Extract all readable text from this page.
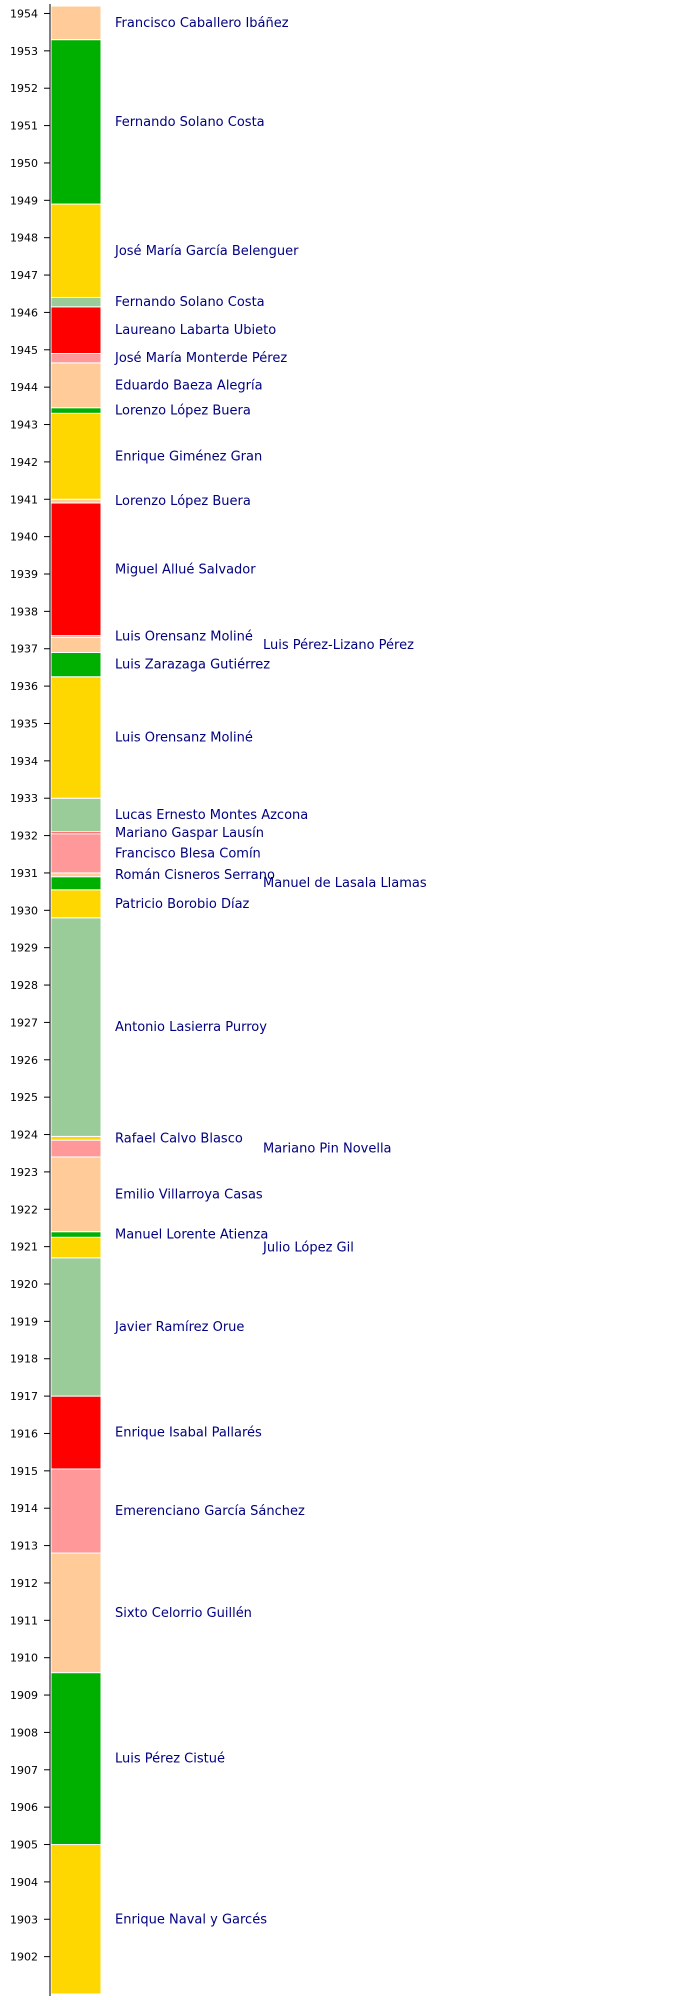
1902
1903
1904
1905
1906
1907
1908
1909
1910
1911
1912
1913
1914
1915
1916
1917
1918
1919
1920
1921
1922
1923
1924
1925
1926
1927
1928
1929
1930
1931
1932
1933
1934
1935
1936
1937
1938
1939
1940
1941
1942
1943
1944
1945
1946
1947
1948
1949
1950
1951
1952
1953
1954
Francisco Caballero Ibáñez
Fernando Solano Costa
José María García Belenguer
Fernando Solano Costa
Laureano Labarta Ubieto
José María Monterde Pérez
Eduardo Baeza Alegría
Lorenzo López Buera
Enrique Giménez Gran
Lorenzo López Buera
Miguel Allué Salvador
Luis Orensanz Moliné
Luis Pérez-Lizano Pérez
Luis Zarazaga Gutiérrez
Luis Orensanz Moliné
Lucas Ernesto Montes Azcona
Mariano Gaspar Lausín
Francisco Blesa Comín
Román Cisneros Serrano
Manuel de Lasala Llamas
Patricio Borobio Díaz
Antonio Lasierra Purroy
Rafael Calvo Blasco
Mariano Pin Novella
Emilio Villarroya Casas
Manuel Lorente Atienza
Julio López Gil
Javier Ramírez Orue
Enrique Isabal Pallarés
Emerenciano García Sánchez
Sixto Celorrio Guillén
Luis Pérez Cistué
Enrique Naval y Garcés
